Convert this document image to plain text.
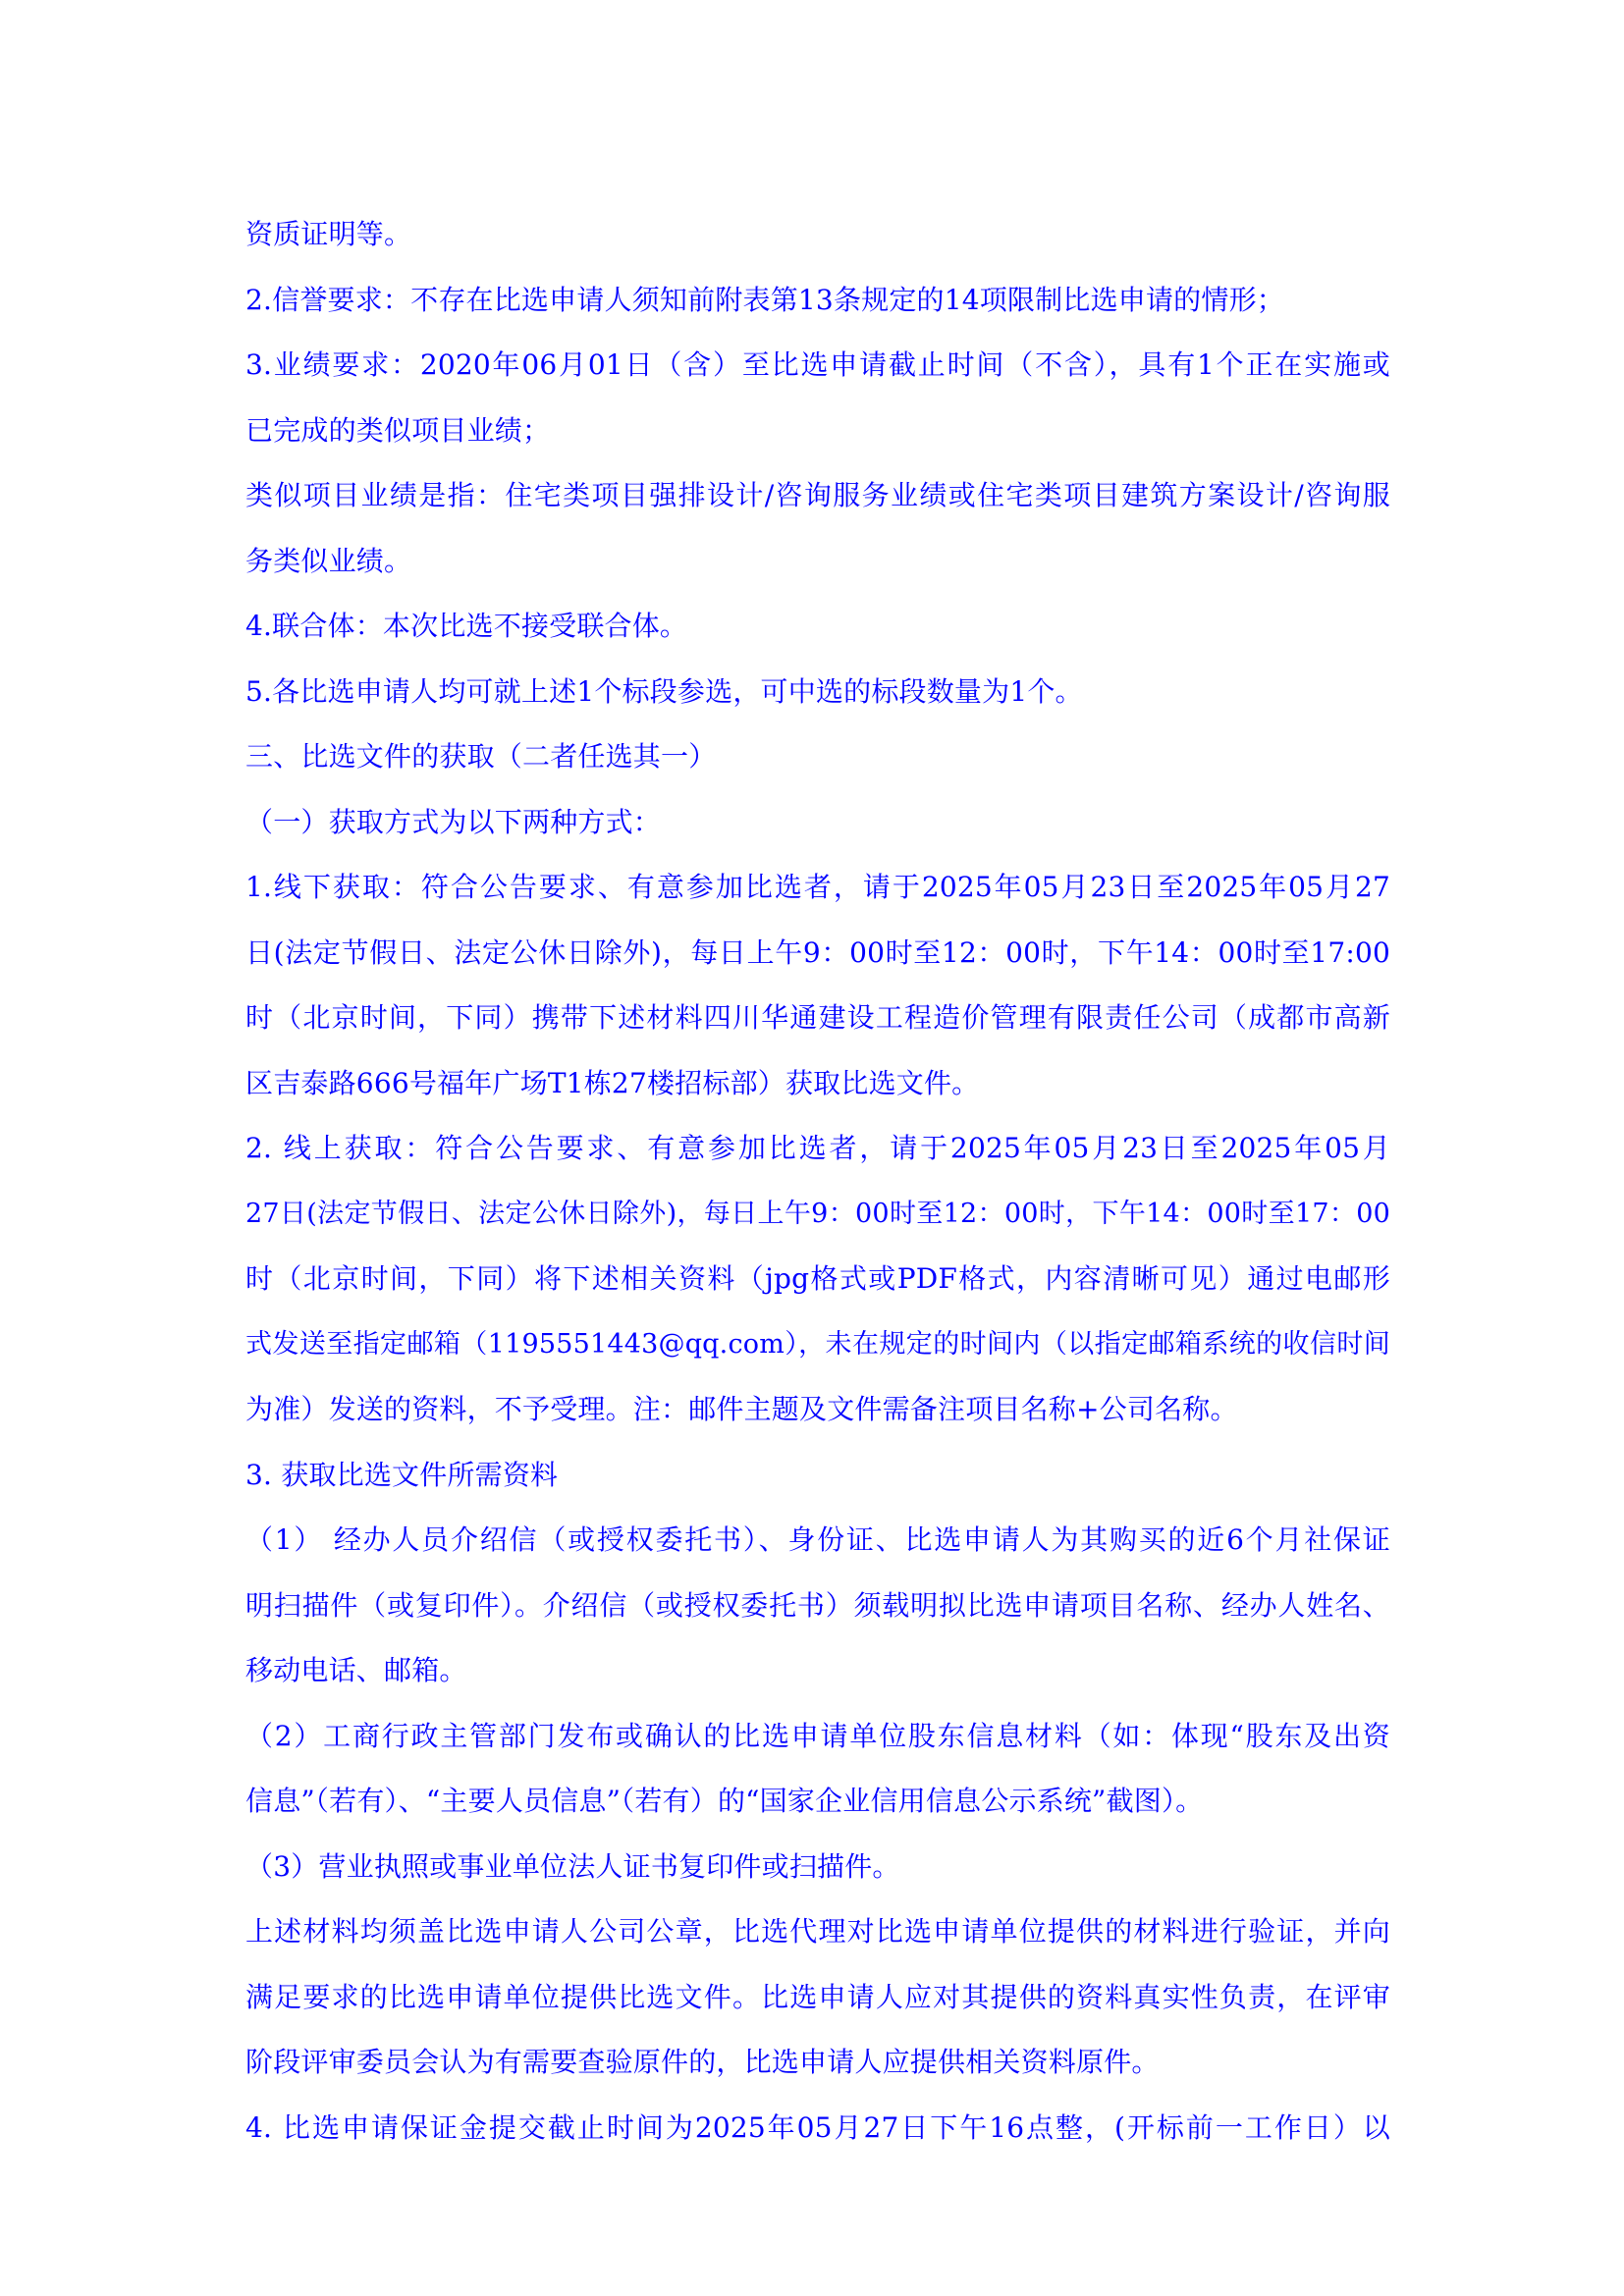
资质证明等。

2.信誉要求：不存在比选申请人须知前附表第13条规定的14项限制比选申请的情形；

3.业绩要求：2020年06月01日（含）至比选申请截止时间（不含），具有1个正在实施或

已完成的类似项目业绩；

类似项目业绩是指：住宅类项目强排设计/咨询服务业绩或住宅类项目建筑方案设计/咨询服

务类似业绩。

4.联合体：本次比选不接受联合体。

5.各比选申请人均可就上述1个标段参选，可中选的标段数量为1个。

三、比选文件的获取（二者任选其一）

（一）获取方式为以下两种方式：

1.线下获取：符合公告要求、有意参加比选者，请于2025年05月23日至2025年05月27

日(法定节假日、法定公休日除外)，每日上午9：00时至12：00时，下午14：00时至17:00

时（北京时间，下同）携带下述材料四川华通建设工程造价管理有限责任公司（成都市高新

区吉泰路666号福年广场T1栋27楼招标部）获取比选文件。

2. 线上获取：符合公告要求、有意参加比选者，请于2025年05月23日至2025年05月

27日(法定节假日、法定公休日除外)，每日上午9：00时至12：00时，下午14：00时至17：00

时（北京时间，下同）将下述相关资料（jpg格式或PDF格式，内容清晰可见）通过电邮形

式发送至指定邮箱（1195551443@qq.com），未在规定的时间内（以指定邮箱系统的收信时间

为准）发送的资料，不予受理。注：邮件主题及文件需备注项目名称+公司名称。

3. 获取比选文件所需资料

（1） 经办人员介绍信（或授权委托书）、身份证、比选申请人为其购买的近6个月社保证

明扫描件（或复印件）。介绍信（或授权委托书）须载明拟比选申请项目名称、经办人姓名、

移动电话、邮箱。

（2）工商行政主管部门发布或确认的比选申请单位股东信息材料（如：体现“股东及出资

信息”（若有）、“主要人员信息”（若有）的“国家企业信用信息公示系统”截图）。

（3）营业执照或事业单位法人证书复印件或扫描件。

上述材料均须盖比选申请人公司公章，比选代理对比选申请单位提供的材料进行验证，并向

满足要求的比选申请单位提供比选文件。比选申请人应对其提供的资料真实性负责，在评审

阶段评审委员会认为有需要查验原件的，比选申请人应提供相关资料原件。

4. 比选申请保证金提交截止时间为2025年05月27日下午16点整，(开标前一工作日）以
